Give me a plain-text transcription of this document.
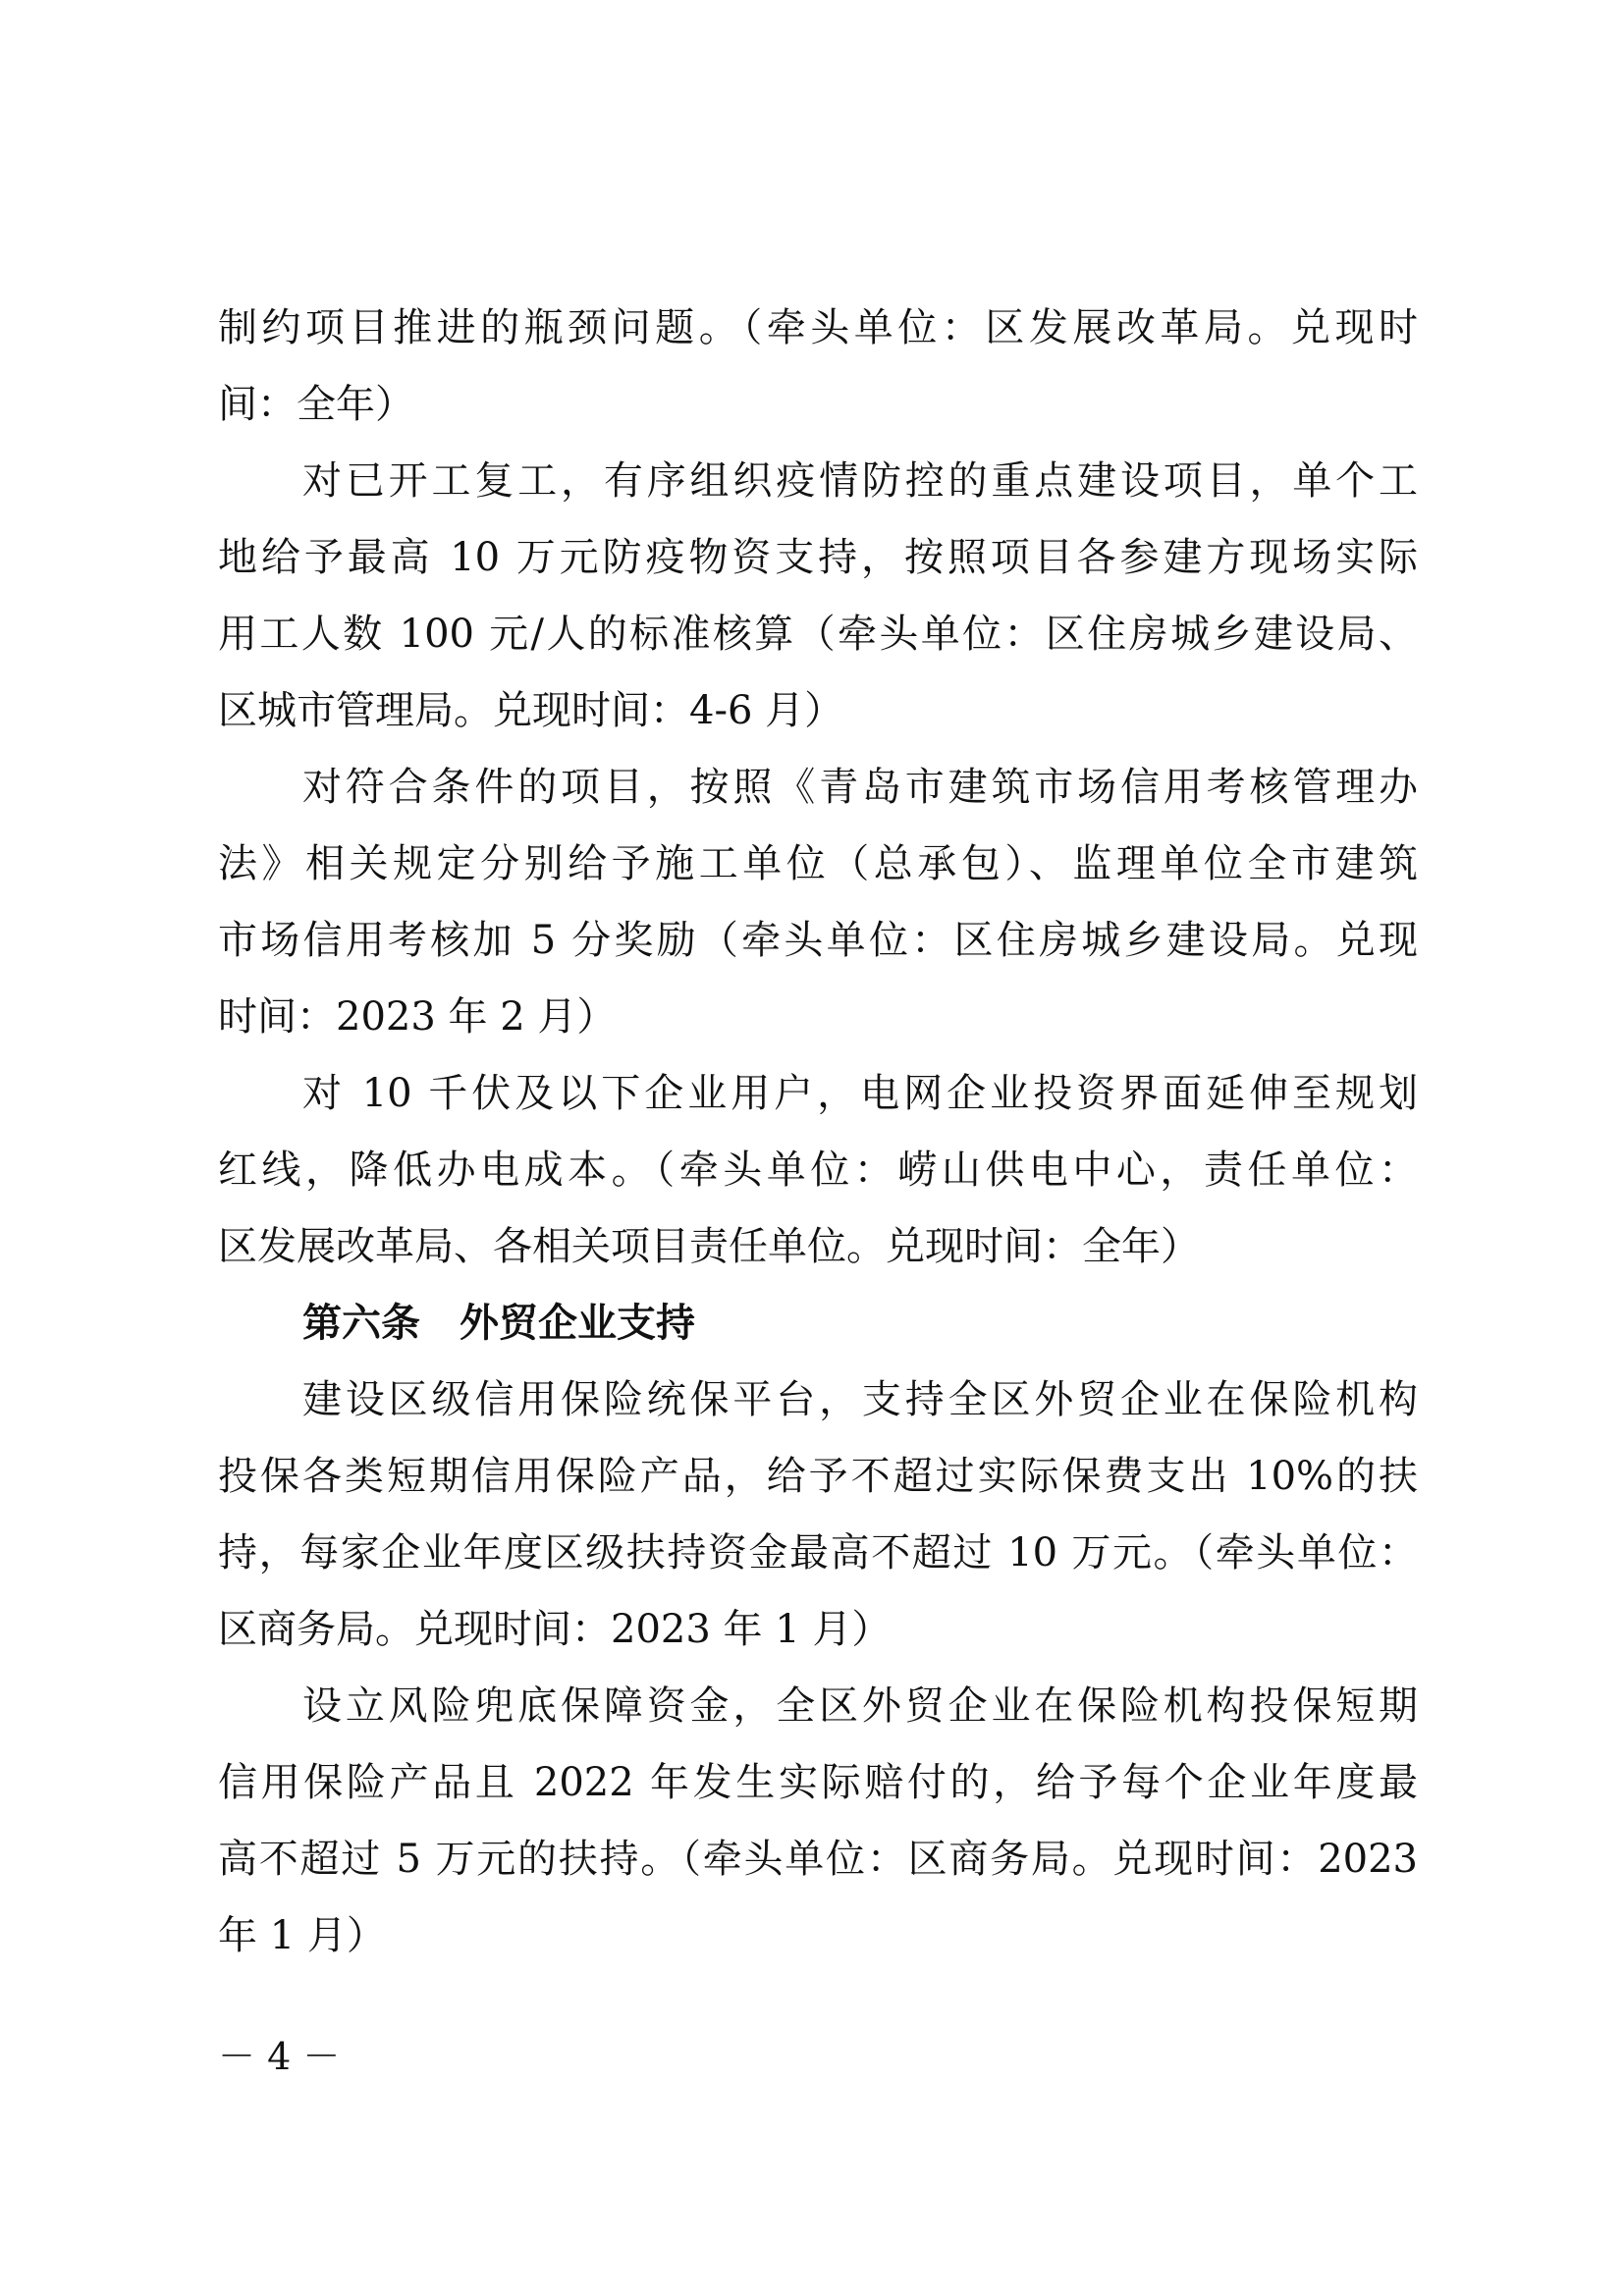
制约项目推进的瓶颈问题。（牵头单位：区发展改革局。兑现时
间：全年）
对已开工复工，有序组织疫情防控的重点建设项目，单个工
地给予最高 10 万元防疫物资支持，按照项目各参建方现场实际
用工人数 100 元/人的标准核算（牵头单位：区住房城乡建设局、
区城市管理局。兑现时间：4-6 月）
对符合条件的项目，按照《青岛市建筑市场信用考核管理办
法》相关规定分别给予施工单位（总承包）、监理单位全市建筑
市场信用考核加 5 分奖励（牵头单位：区住房城乡建设局。兑现
时间：2023 年 2 月）
对 10 千伏及以下企业用户，电网企业投资界面延伸至规划
红线，降低办电成本。（牵头单位：崂山供电中心，责任单位：
区发展改革局、各相关项目责任单位。兑现时间：全年）
第六条 外贸企业支持
建设区级信用保险统保平台，支持全区外贸企业在保险机构
投保各类短期信用保险产品，给予不超过实际保费支出 10%的扶
持，每家企业年度区级扶持资金最高不超过 10 万元。（牵头单位：
区商务局。兑现时间：2023 年 1 月）
设立风险兜底保障资金，全区外贸企业在保险机构投保短期
信用保险产品且 2022 年发生实际赔付的，给予每个企业年度最
高不超过 5 万元的扶持。（牵头单位：区商务局。兑现时间：2023
年 1 月）
－ 4 －
